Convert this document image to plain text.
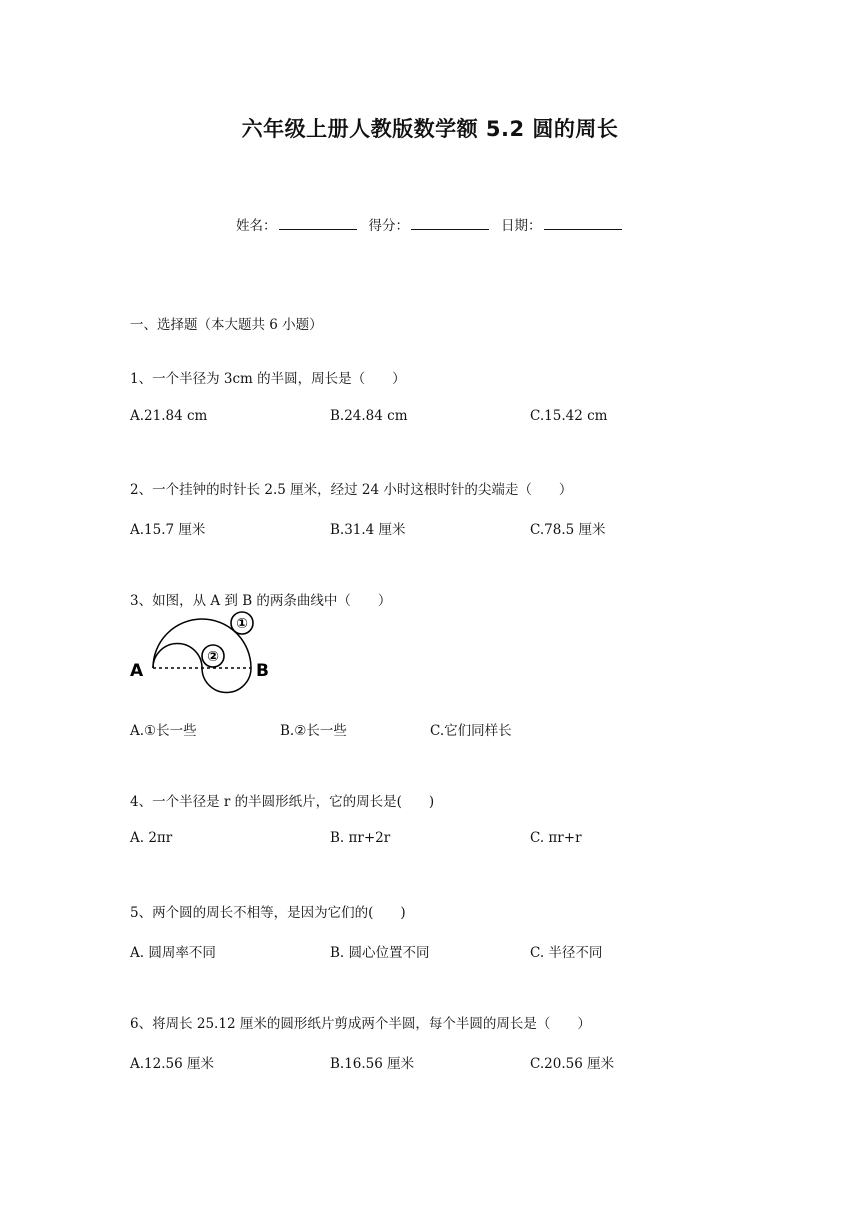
六年级上册人教版数学额 5.2 圆的周长
姓名：	得分：	日期：
一、选择题（本大题共 6 小题）
1、一个半径为 3cm 的半圆，周长是（　　）
A.21.84 cm	B.24.84 cm	C.15.42 cm
2、一个挂钟的时针长 2.5 厘米，经过 24 小时这根时针的尖端走（　　）
A.15.7 厘米	B.31.4 厘米	C.78.5 厘米
3、如图，从 A 到 B 的两条曲线中（　　）
①
②
A	B
A.①长一些	B.②长一些	C.它们同样长
4、一个半径是 r 的半圆形纸片，它的周长是(　　)
A. 2πr	B. πr+2r	C. πr+r
5、两个圆的周长不相等，是因为它们的(　　)
A. 圆周率不同	B. 圆心位置不同	C. 半径不同
6、将周长 25.12 厘米的圆形纸片剪成两个半圆，每个半圆的周长是（　　）
A.12.56 厘米	B.16.56 厘米	C.20.56 厘米
